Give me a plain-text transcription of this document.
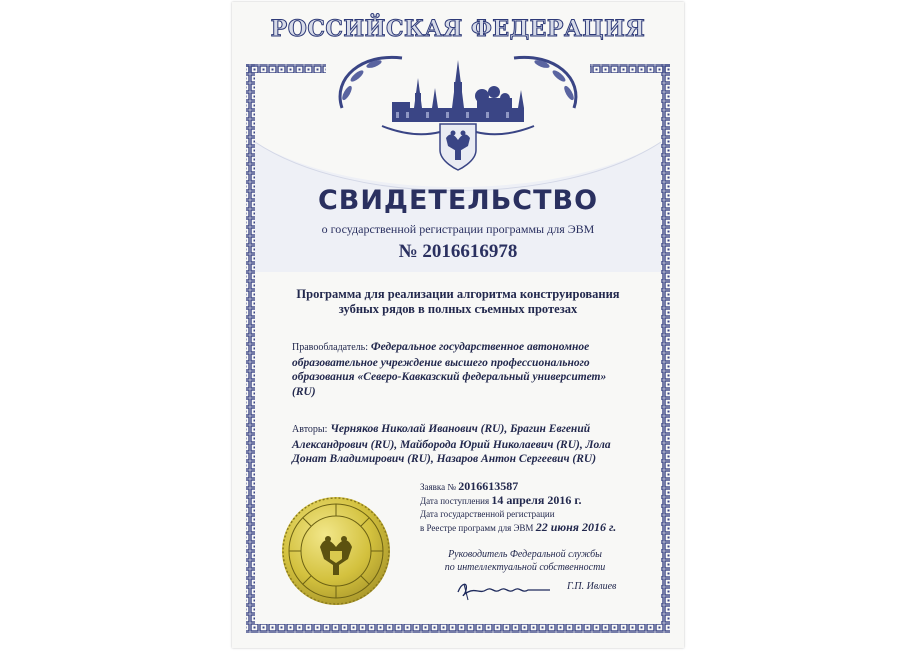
РОССИЙСКАЯ ФЕДЕРАЦИЯ
СВИДЕТЕЛЬСТВО
о государственной регистрации программы для ЭВМ
№ 2016616978
Программа для реализации алгоритма конструирования
зубных рядов в полных съемных протезах
Правообладатель: Федеральное государственное автономное образовательное учреждение высшего профессионального образования «Северо-Кавказский федеральный университет» (RU)
Авторы: Черняков Николай Иванович (RU), Брагин Евгений Александрович (RU), Майборода Юрий Николаевич (RU), Лола Донат Владимирович (RU), Назаров Антон Сергеевич (RU)
Заявка № 2016613587
Дата поступления 14 апреля 2016 г.
Дата государственной регистрации
в Реестре программ для ЭВМ 22 июня 2016 г.
Руководитель Федеральной службы
по интеллектуальной собственности
Г.П. Ивлиев
